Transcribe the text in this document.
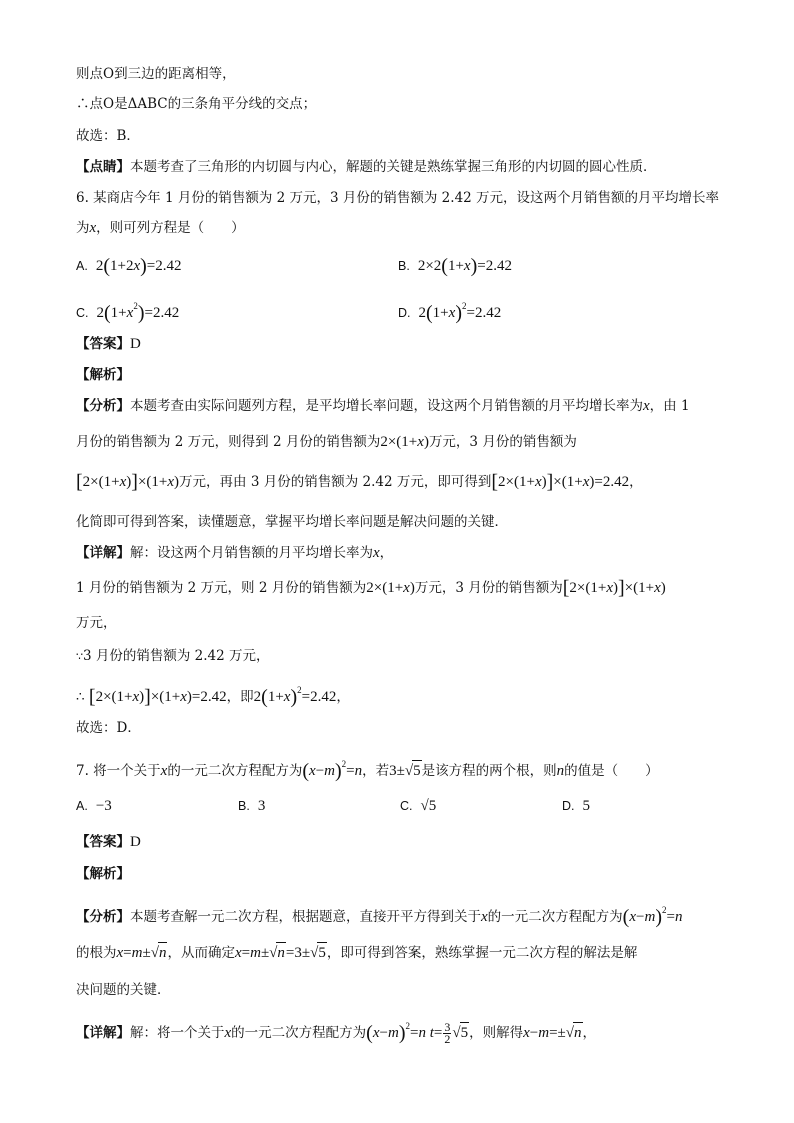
则点O到三边的距离相等，
∴点O是ΔABC的三条角平分线的交点；
故选：B．
【点睛】本题考查了三角形的内切圆与内心，解题的关键是熟练掌握三角形的内切圆的圆心性质．
6. 某商店今年 1 月份的销售额为 2 万元，3 月份的销售额为 2.42 万元，设这两个月销售额的月平均增长率
为x，则可列方程是（　　）
A. 2(1+2x)=2.42	B. 2×2(1+x)=2.42
C. $2(1+x^2)=2.42$	D. $2(1+x)^2=2.42$
【答案】D
【解析】
【分析】本题考查由实际问题列方程，是平均增长率问题，设这两个月销售额的月平均增长率为x，由 1
月份的销售额为 2 万元，则得到 2 月份的销售额为2×(1+x)万元，3 月份的销售额为
[2×(1+x)]×(1+x)万元，再由 3 月份的销售额为 2.42 万元，即可得到[2×(1+x)]×(1+x)=2.42，
化简即可得到答案，读懂题意，掌握平均增长率问题是解决问题的关键．
【详解】解：设这两个月销售额的月平均增长率为x，
1 月份的销售额为 2 万元，则 2 月份的销售额为2×(1+x)万元，3 月份的销售额为[2×(1+x)]×(1+x)
万元，
∵3 月份的销售额为 2.42 万元，
∴ [2×(1+x)]×(1+x)=2.42，即$2(1+x)^2=2.42$，
故选：D．
7. 将一个关于x的一元二次方程配方为$(x-m)^2=n$，若3±√5是该方程的两个根，则n的值是（　　）
A. −3	B. 3	C. √5	D. 5
【答案】D
【解析】
【分析】本题考查解一元二次方程，根据题意，直接开平方得到关于x的一元二次方程配方为$(x-m)^2=n$
的根为x=m±√n，从而确定x=m±√n=3±√5，即可得到答案，熟练掌握一元二次方程的解法是解
决问题的关键．
【详解】解：将一个关于x的一元二次方程配方为$(x-m)^2=n$ $t= \frac{3}{2} √5$，则解得x−m=±√n，
